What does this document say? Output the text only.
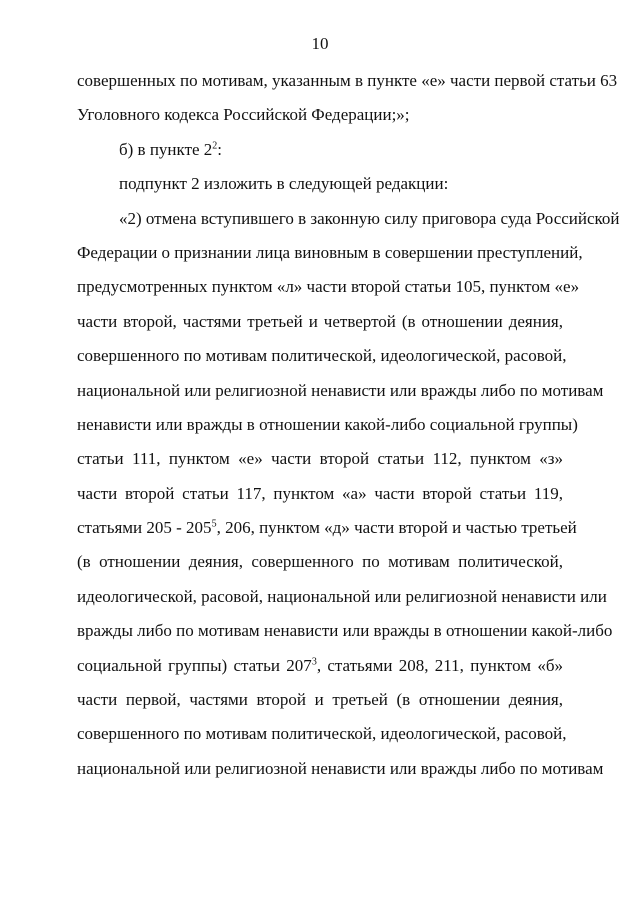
10
совершенных по мотивам, указанным в пункте «е» части первой статьи 63
Уголовного кодекса Российской Федерации;»;
б) в пункте $2^2$:
подпункт 2 изложить в следующей редакции:
«2) отмена вступившего в законную силу приговора суда Российской
Федерации о признании лица виновным в совершении преступлений,
предусмотренных пунктом «л» части второй статьи 105, пунктом «е»
части второй, частями третьей и четвертой (в отношении деяния,
совершенного по мотивам политической, идеологической, расовой,
национальной или религиозной ненависти или вражды либо по мотивам
ненависти или вражды в отношении какой-либо социальной группы)
статьи 111, пунктом «е» части второй статьи 112, пунктом «з»
части второй статьи 117, пунктом «а» части второй статьи 119,
статьями $205 - 205^5$, 206, пунктом «д» части второй и частью третьей
(в отношении деяния, совершенного по мотивам политической,
идеологической, расовой, национальной или религиозной ненависти или
вражды либо по мотивам ненависти или вражды в отношении какой-либо
социальной группы) статьи $207^3$, статьями 208, 211, пунктом «б»
части первой, частями второй и третьей (в отношении деяния,
совершенного по мотивам политической, идеологической, расовой,
национальной или религиозной ненависти или вражды либо по мотивам
